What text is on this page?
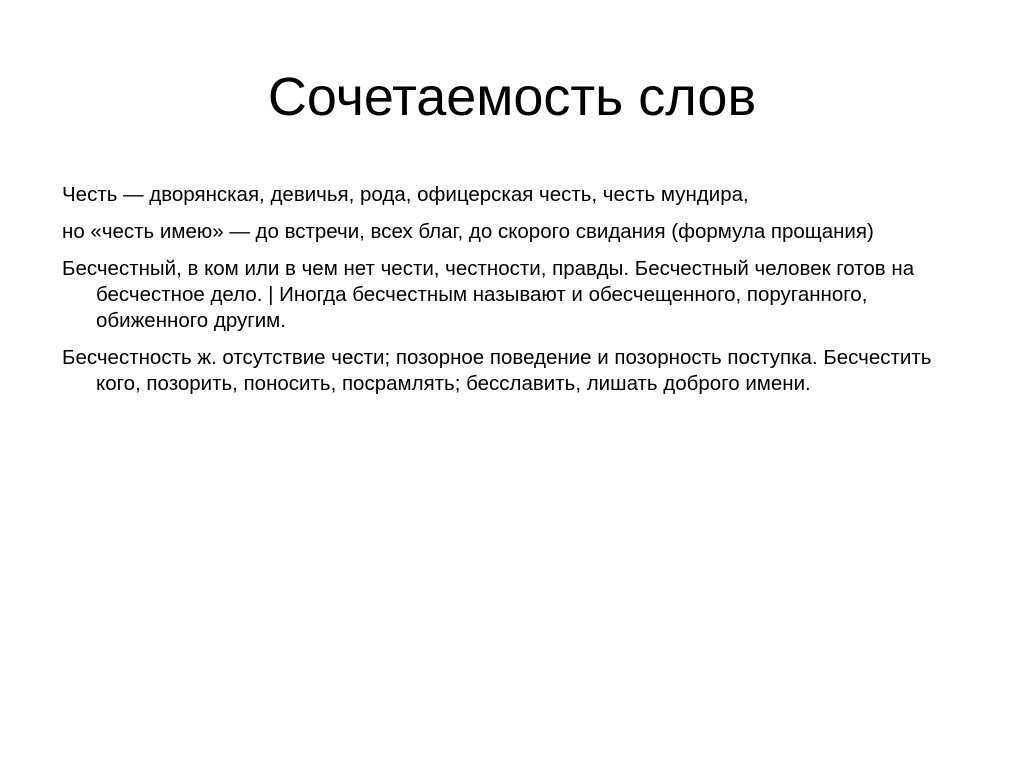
Сочетаемость слов

Честь — дворянская, девичья, рода, офицерская честь, честь мундира,

но «честь имею» — до встречи, всех благ, до скорого свидания (формула прощания)

Бесчестный, в ком или в чем нет чести, честности, правды. Бесчестный человек готов на бесчестное дело. | Иногда бесчестным называют и обесчещенного, поруганного, обиженного другим.

Бесчестность ж. отсутствие чести; позорное поведение и позорность поступка. Бесчестить кого, позорить, поносить, посрамлять; бесславить, лишать доброго имени.
